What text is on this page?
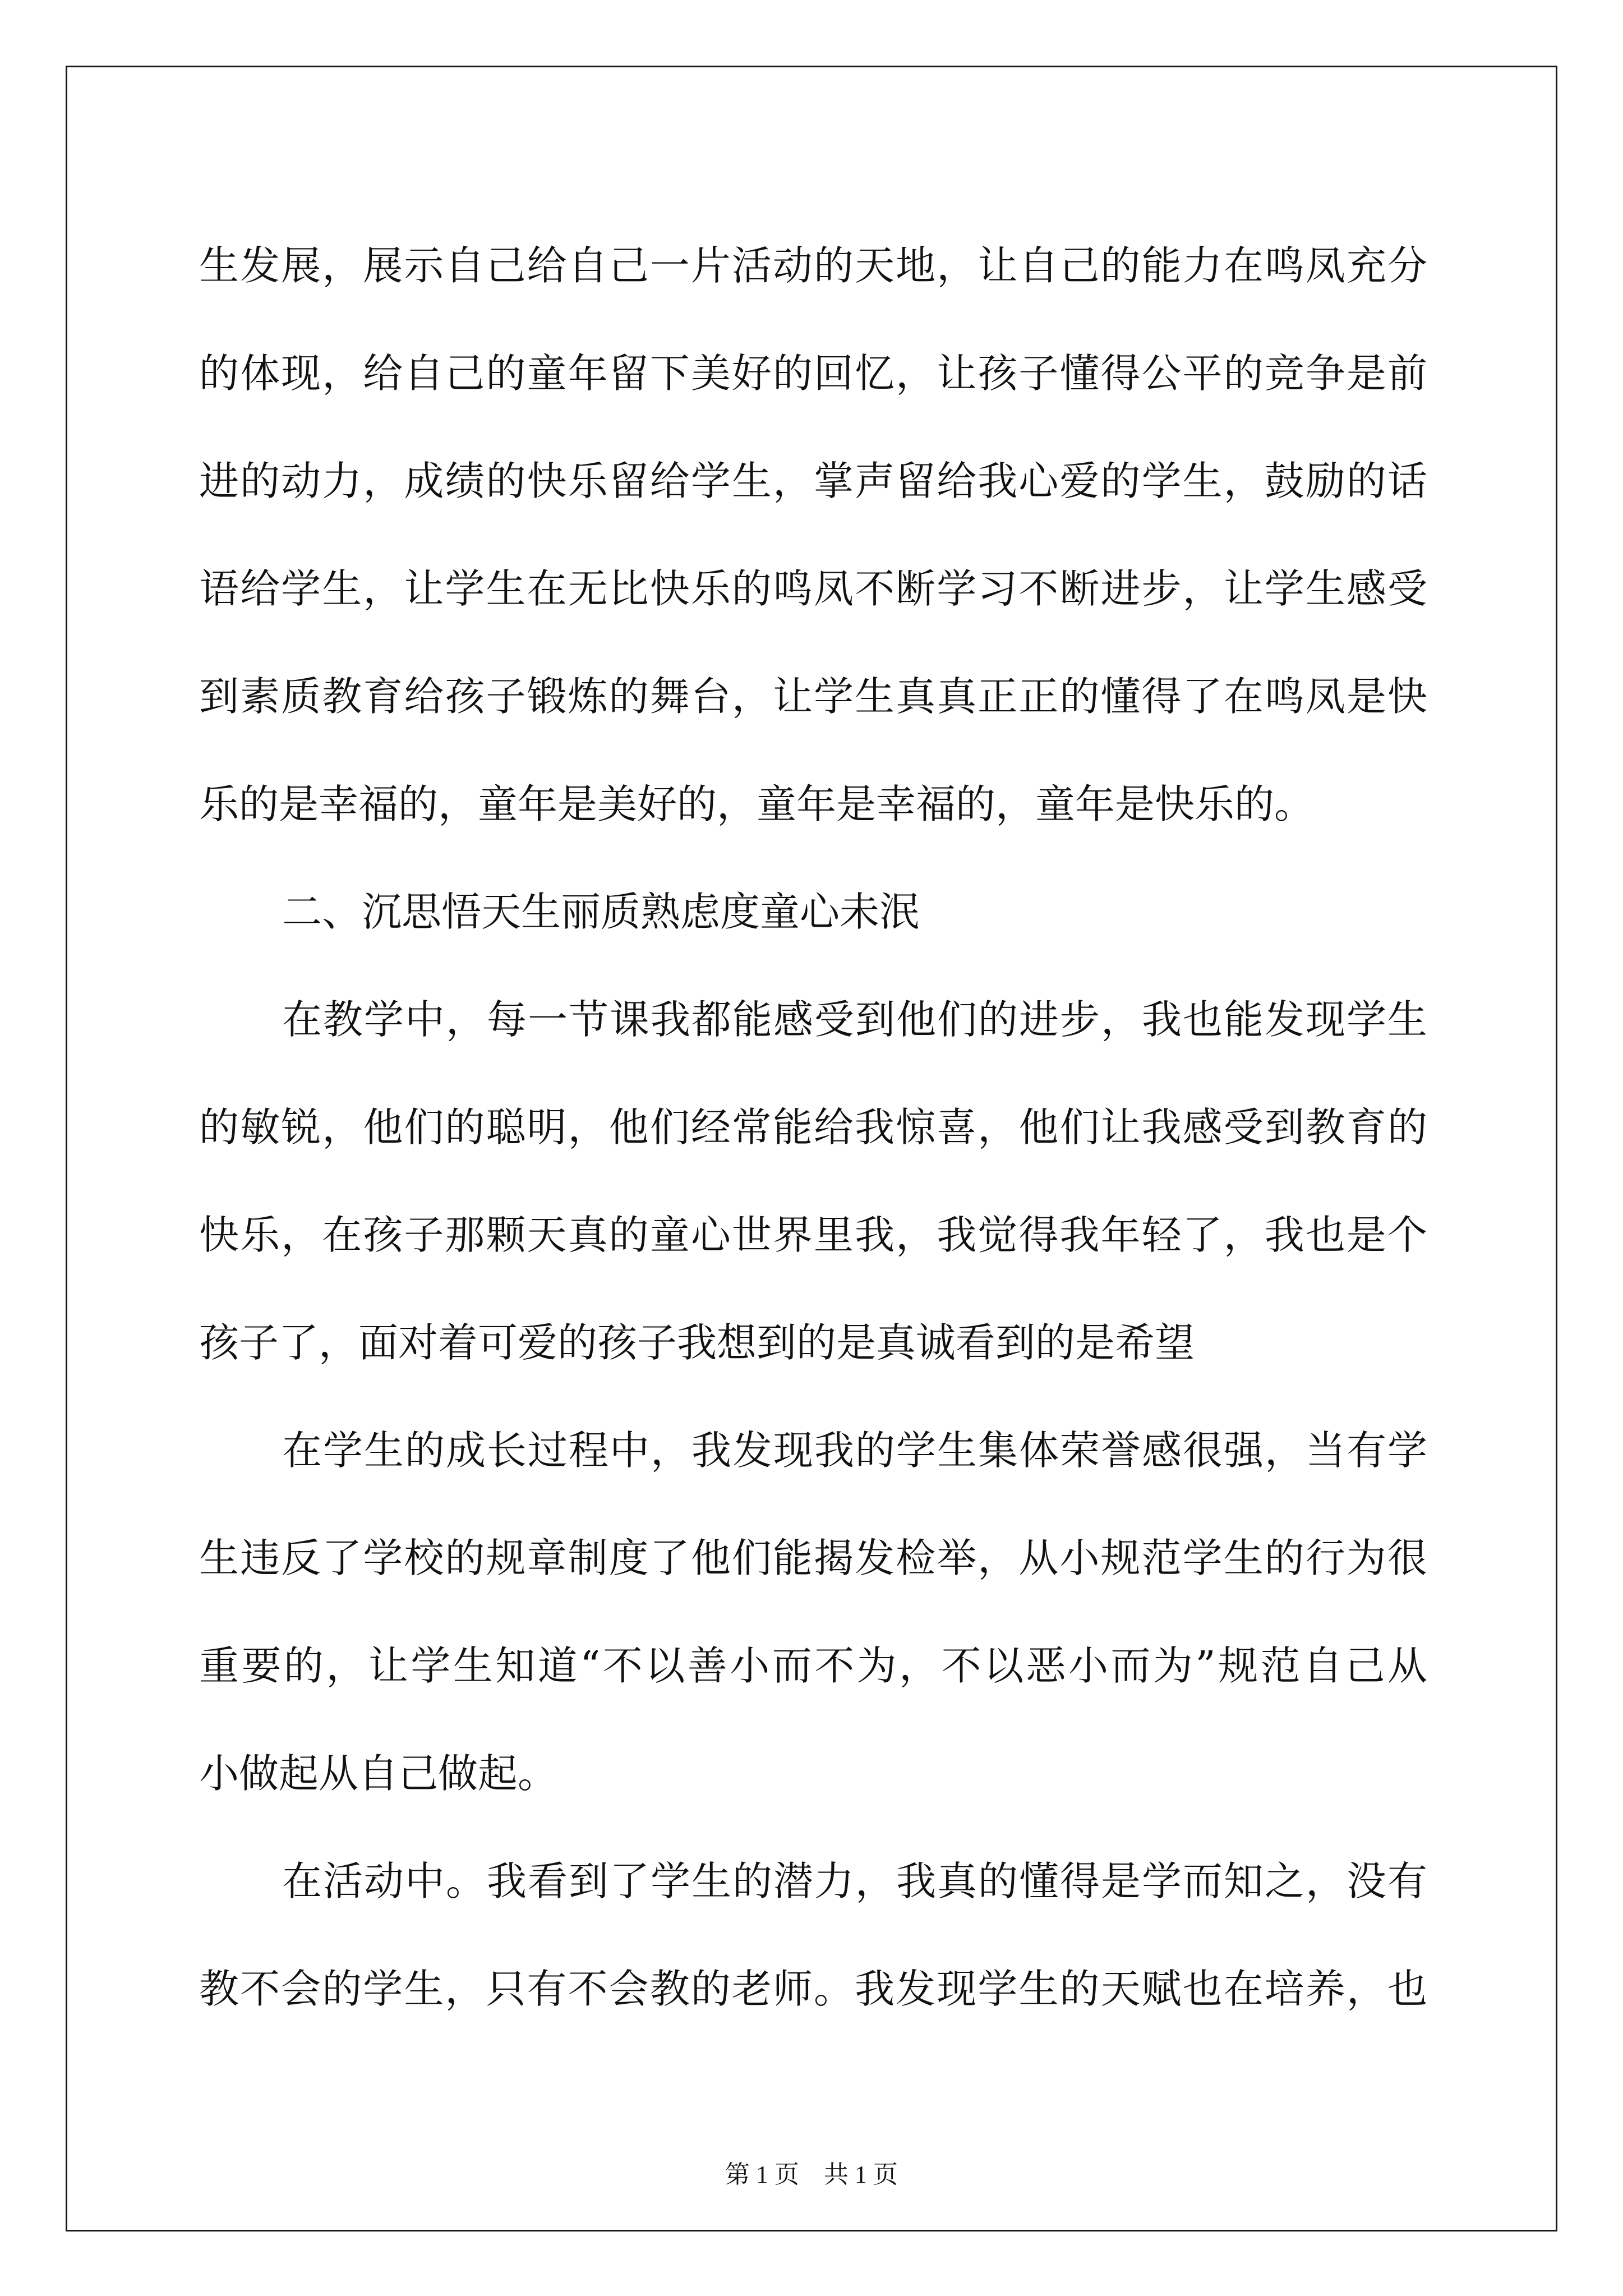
生发展，展示自己给自己一片活动的天地，让自己的能力在鸣凤充分
的体现，给自己的童年留下美好的回忆，让孩子懂得公平的竞争是前
进的动力，成绩的快乐留给学生，掌声留给我心爱的学生，鼓励的话
语给学生，让学生在无比快乐的鸣凤不断学习不断进步，让学生感受
到素质教育给孩子锻炼的舞台，让学生真真正正的懂得了在鸣凤是快
乐的是幸福的，童年是美好的，童年是幸福的，童年是快乐的。
二、沉思悟天生丽质熟虑度童心未泯
在教学中，每一节课我都能感受到他们的进步，我也能发现学生
的敏锐，他们的聪明，他们经常能给我惊喜，他们让我感受到教育的
快乐，在孩子那颗天真的童心世界里我，我觉得我年轻了，我也是个
孩子了，面对着可爱的孩子我想到的是真诚看到的是希望
在学生的成长过程中，我发现我的学生集体荣誉感很强，当有学
生违反了学校的规章制度了他们能揭发检举，从小规范学生的行为很
重要的，让学生知道“不以善小而不为，不以恶小而为”规范自己从
小做起从自己做起。
在活动中。我看到了学生的潜力，我真的懂得是学而知之，没有
教不会的学生，只有不会教的老师。我发现学生的天赋也在培养，也
第 1 页    共 1 页
